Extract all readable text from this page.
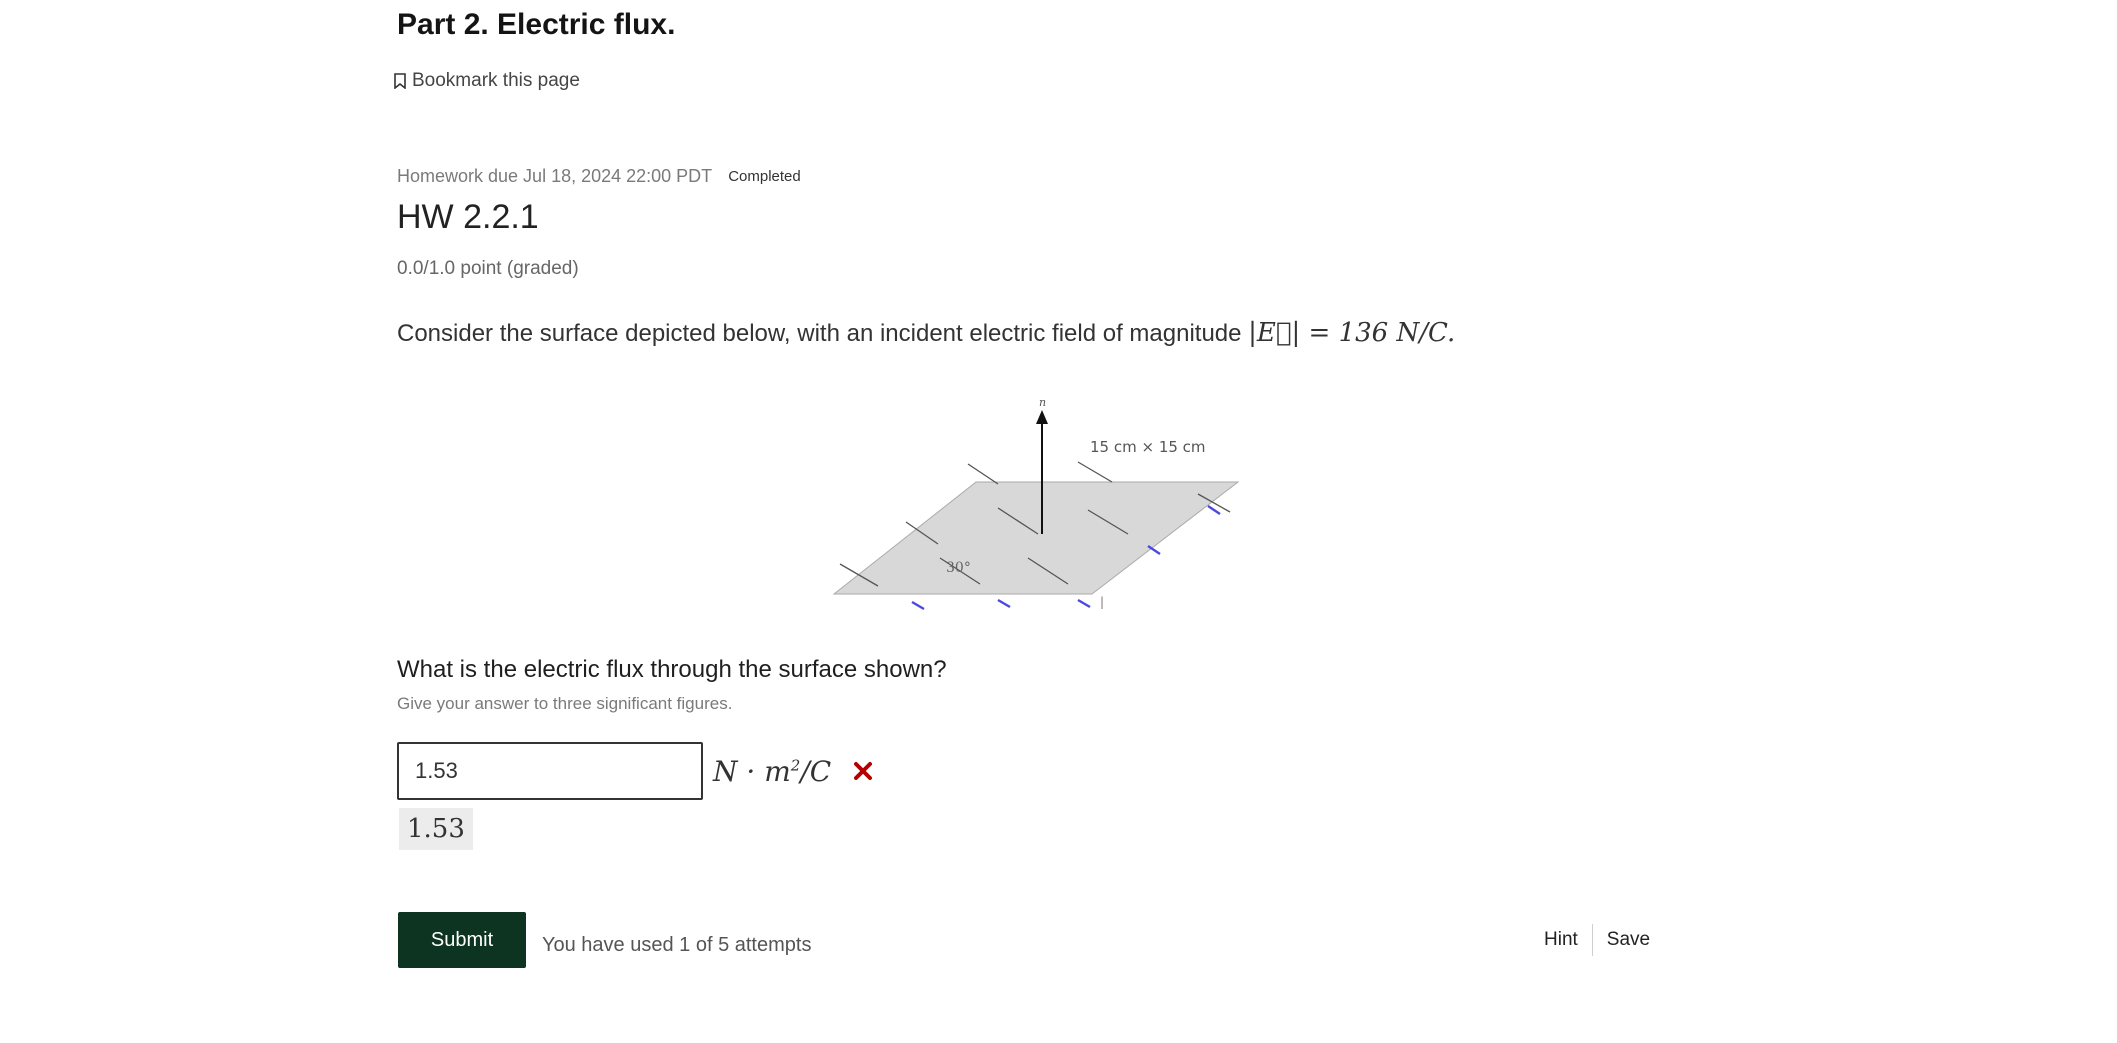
Part 2. Electric flux.
Bookmark this page
Homework due Jul 18, 2024 22:00 PDT Completed
HW 2.2.1
0.0/1.0 point (graded)
Consider the surface depicted below, with an incident electric field of magnitude |E⃗| = 136 N/C.
n
30°
15 cm × 15 cm
|
What is the electric flux through the surface shown?
Give your answer to three significant figures.
1.53
$N \cdot m^2/C$
1.53
Submit	You have used 1 of 5 attempts	Hint	Save
